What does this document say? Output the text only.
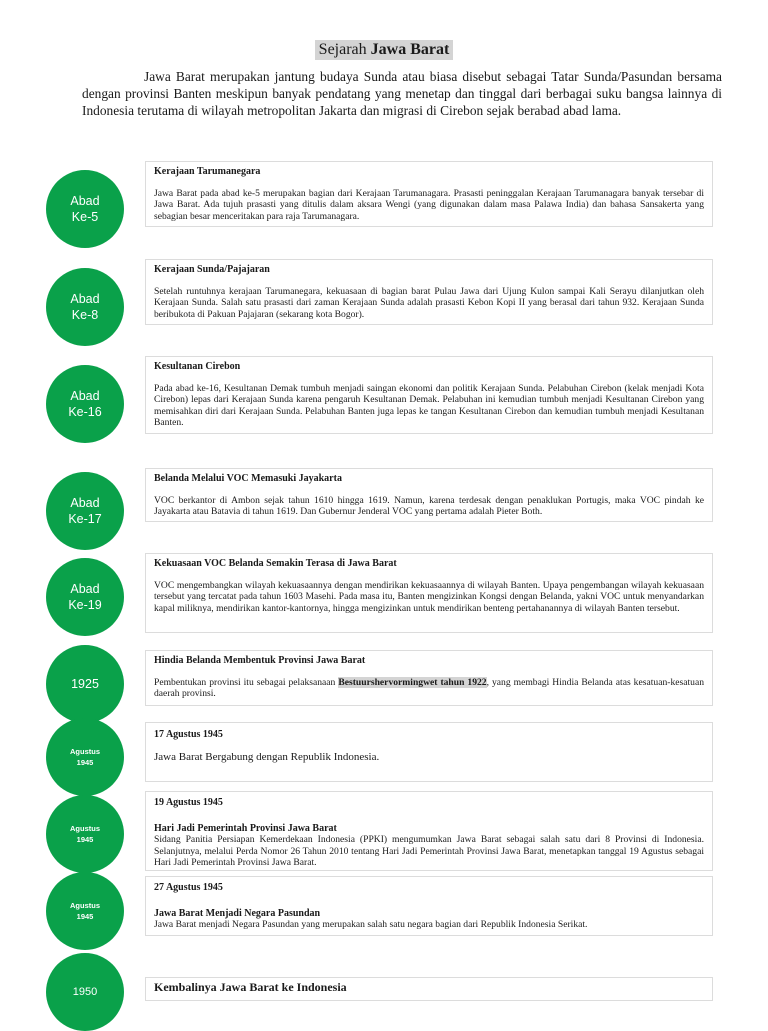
Sejarah Jawa Barat

Jawa Barat merupakan jantung budaya Sunda atau biasa disebut sebagai Tatar Sunda/Pasundan bersama dengan provinsi Banten meskipun banyak pendatang yang menetap dan tinggal dari berbagai suku bangsa lainnya di Indonesia terutama di wilayah metropolitan Jakarta dan migrasi di Cirebon sejak berabad abad lama.

Abad
Ke-5

Kerajaan Tarumanegara

Jawa Barat pada abad ke-5 merupakan bagian dari Kerajaan Tarumanagara. Prasasti peninggalan Kerajaan Tarumanagara banyak tersebar di Jawa Barat. Ada tujuh prasasti yang ditulis dalam aksara Wengi (yang digunakan dalam masa Palawa India) dan bahasa Sansakerta yang sebagian besar menceritakan para raja Tarumanagara.

Abad
Ke-8

Kerajaan Sunda/Pajajaran

Setelah runtuhnya kerajaan Tarumanegara, kekuasaan di bagian barat Pulau Jawa dari Ujung Kulon sampai Kali Serayu dilanjutkan oleh Kerajaan Sunda. Salah satu prasasti dari zaman Kerajaan Sunda adalah prasasti Kebon Kopi II yang berasal dari tahun 932. Kerajaan Sunda beribukota di Pakuan Pajajaran (sekarang kota Bogor).

Abad
Ke-16

Kesultanan Cirebon

Pada abad ke-16, Kesultanan Demak tumbuh menjadi saingan ekonomi dan politik Kerajaan Sunda. Pelabuhan Cirebon (kelak menjadi Kota Cirebon) lepas dari Kerajaan Sunda karena pengaruh Kesultanan Demak. Pelabuhan ini kemudian tumbuh menjadi Kesultanan Cirebon yang memisahkan diri dari Kerajaan Sunda. Pelabuhan Banten juga lepas ke tangan Kesultanan Cirebon dan kemudian tumbuh menjadi Kesultanan Banten.

Abad
Ke-17

Belanda Melalui VOC Memasuki Jayakarta

VOC berkantor di Ambon sejak tahun 1610 hingga 1619. Namun, karena terdesak dengan penaklukan Portugis, maka VOC pindah ke Jayakarta atau Batavia di tahun 1619. Dan Gubernur Jenderal VOC yang pertama adalah Pieter Both.

Abad
Ke-19

Kekuasaan VOC Belanda Semakin Terasa di Jawa Barat

VOC mengembangkan wilayah kekuasaannya dengan mendirikan kekuasaannya di wilayah Banten. Upaya pengembangan wilayah kekuasaan tersebut yang tercatat pada tahun 1603 Masehi. Pada masa itu, Banten mengizinkan Kongsi dengan Belanda, yakni VOC untuk menyandarkan kapal miliknya, mendirikan kantor-kantornya, hingga mengizinkan untuk mendirikan benteng pertahanannya di wilayah Banten tersebut.

1925

Hindia Belanda Membentuk Provinsi Jawa Barat

Pembentukan provinsi itu sebagai pelaksanaan Bestuurshervormingwet tahun 1922, yang membagi Hindia Belanda atas kesatuan-kesatuan daerah provinsi.

Agustus
1945

17 Agustus 1945

Jawa Barat Bergabung dengan Republik Indonesia.

Agustus
1945

19 Agustus 1945

Hari Jadi Pemerintah Provinsi Jawa Barat

Sidang Panitia Persiapan Kemerdekaan Indonesia (PPKI) mengumumkan Jawa Barat sebagai salah satu dari 8 Provinsi di Indonesia. Selanjutnya, melalui Perda Nomor 26 Tahun 2010 tentang Hari Jadi Pemerintah Provinsi Jawa Barat, menetapkan tanggal 19 Agustus sebagai Hari Jadi Pemerintah Provinsi Jawa Barat.

Agustus
1945

27 Agustus 1945

Jawa Barat Menjadi Negara Pasundan

Jawa Barat menjadi Negara Pasundan yang merupakan salah satu negara bagian dari Republik Indonesia Serikat.

1950	Kembalinya Jawa Barat ke Indonesia
